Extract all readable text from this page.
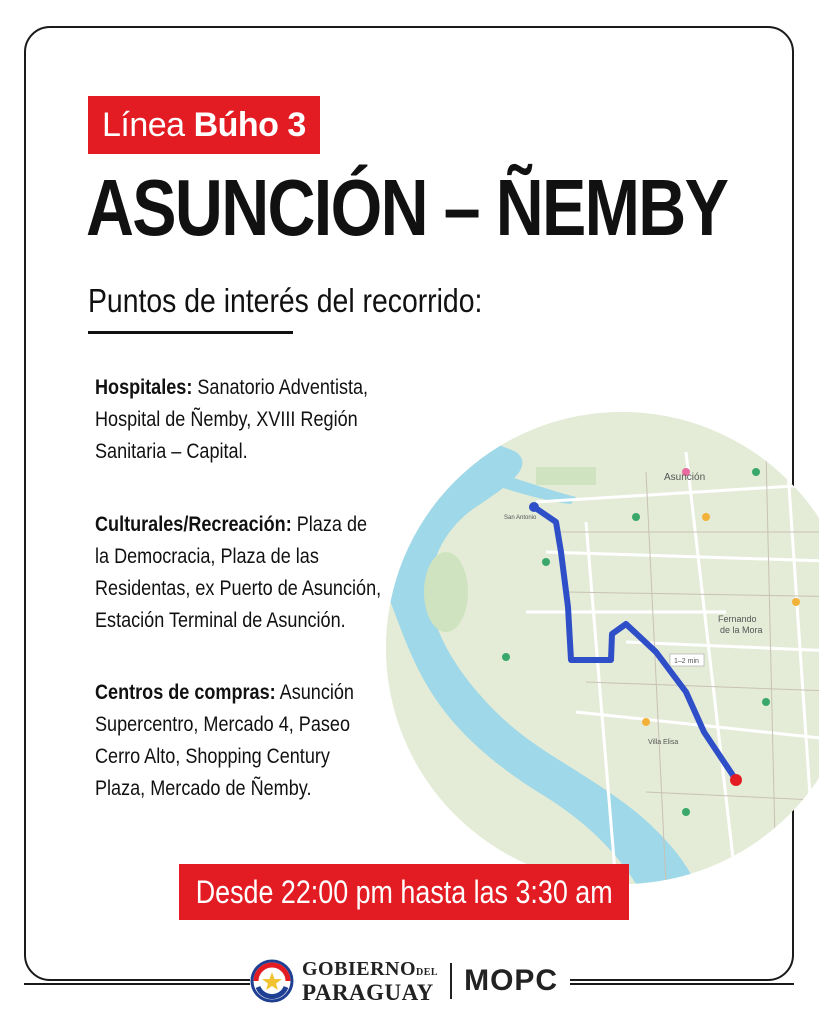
Línea Búho 3
ASUNCIÓN – ÑEMBY
Puntos de interés del recorrido:
Hospitales: Sanatorio Adventista, Hospital de Ñemby, XVIII Región Sanitaria – Capital.
Culturales/Recreación: Plaza de la Democracia, Plaza de las Residentas, ex Puerto de Asunción, Estación Terminal de Asunción.
Centros de compras: Asunción Supercentro, Mercado 4, Paseo Cerro Alto, Shopping Century Plaza, Mercado de Ñemby.
Asunción
Fernando
de la Mora
Villa Elisa
San Antonio
1–2 min
Desde 22:00 pm hasta las 3:30 am
GOBIERNODEL
PARAGUAY MOPC
